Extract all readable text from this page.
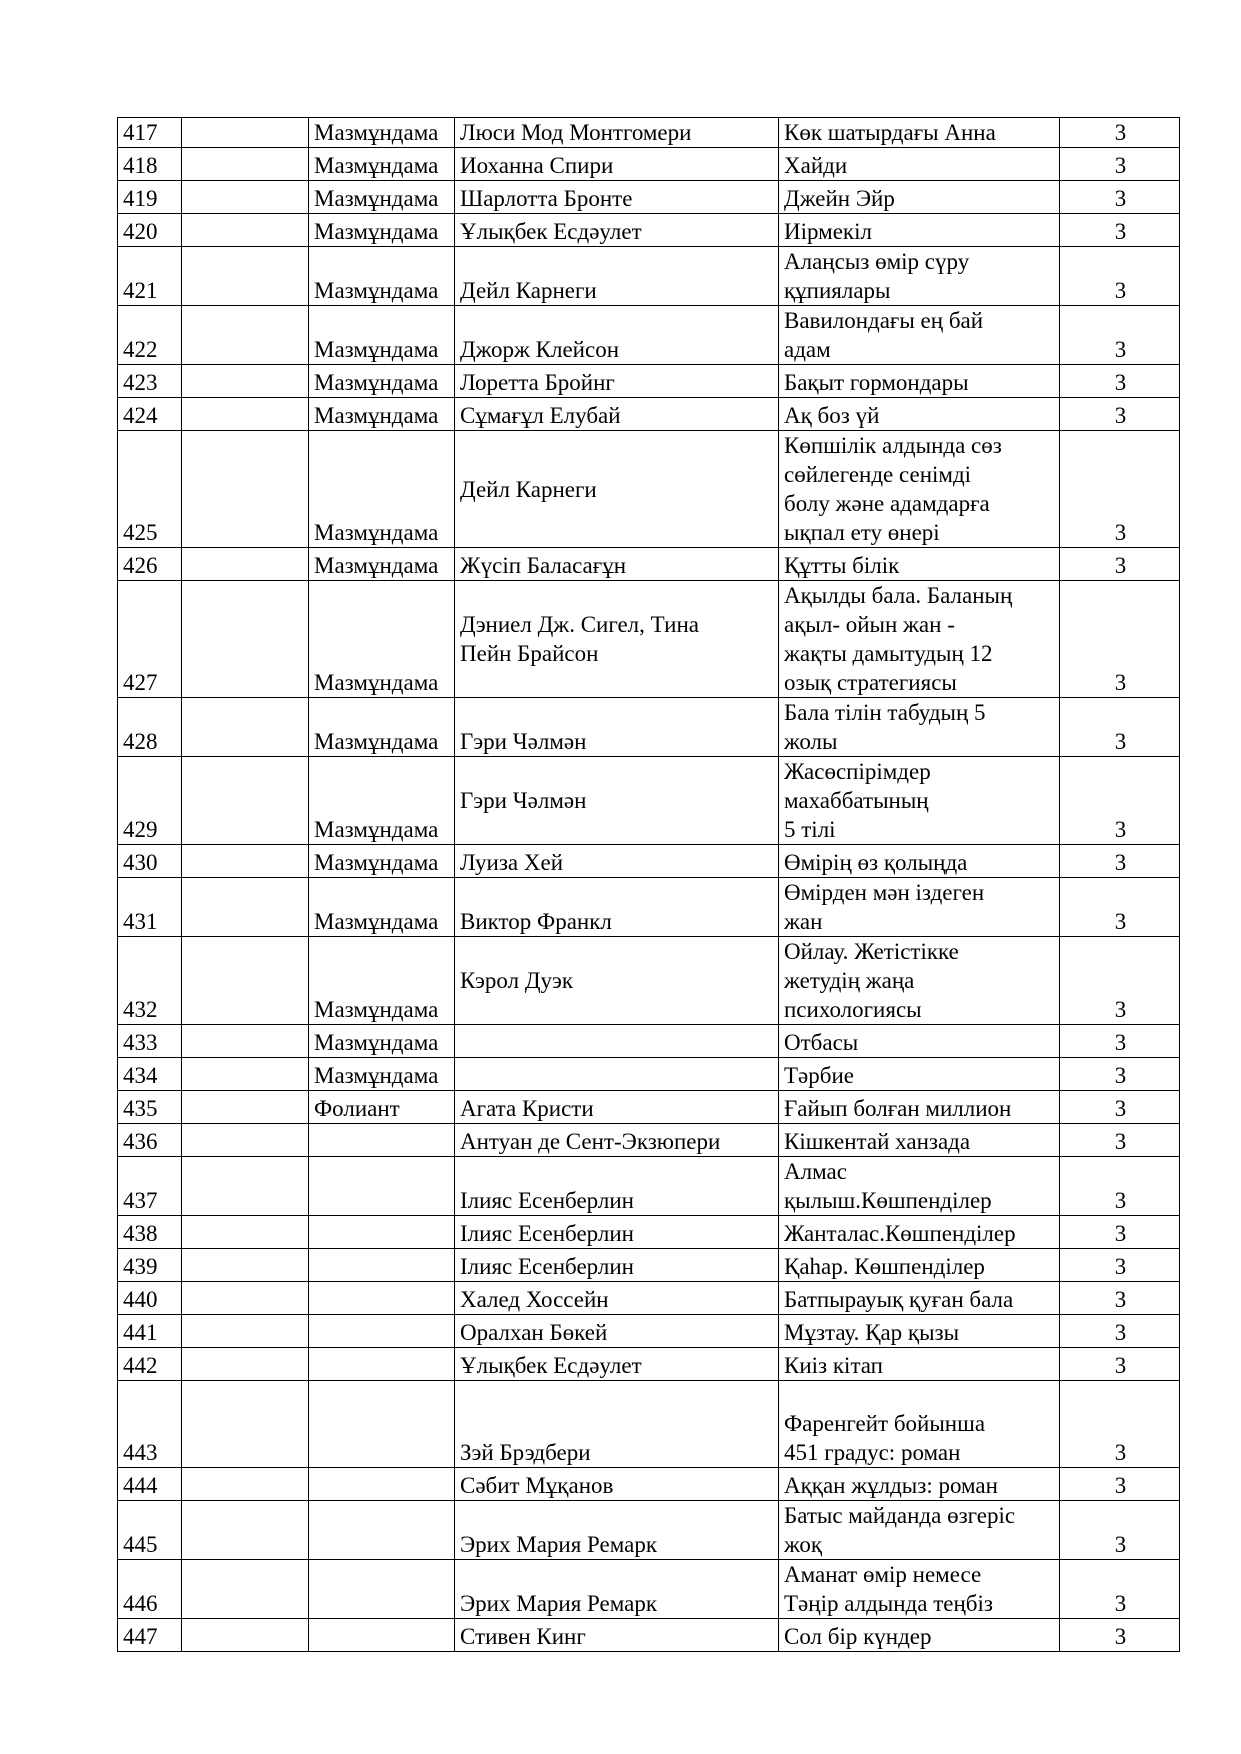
417		Мазмұндама	Люси Мод Монтгомери	Көк шатырдағы Анна	3

418		Мазмұндама	Иоханна Спири	Хайди	3

419		Мазмұндама	Шарлотта Бронте	Джейн Эйр	3

420		Мазмұндама	Ұлықбек Есдәулет	Иірмекіл	3

421		Мазмұндама	Дейл Карнеги	Алаңсыз өмір сүру
құпиялары	3

422		Мазмұндама	Джорж Клейсон	Вавилондағы ең бай
адам	3

423		Мазмұндама	Лоретта Бройнг	Бақыт гормондары	3

424		Мазмұндама	Сұмағұл Елубай	Ақ боз үй	3

425		Мазмұндама	Дейл Карнеги	Көпшілік алдында сөз
сөйлегенде сенімді
болу және адамдарға
ықпал ету өнері	3

426		Мазмұндама	Жүсіп Баласағұн	Құтты білік	3

427		Мазмұндама	Дэниел Дж. Сигел, Тина
Пейн Брайсон	Ақылды бала. Баланың
ақыл- ойын жан -
жақты дамытудың 12
озық стратегиясы	3

428		Мазмұндама	Гэри Чәлмән	Бала тілін табудың 5
жолы	3

429		Мазмұндама	Гэри Чәлмән	Жасөспірімдер
махаббатының
5 тілі	3

430		Мазмұндама	Луиза Хей	Өмірің өз қолыңда	3

431		Мазмұндама	Виктор Франкл	Өмірден мән іздеген
жан	3

432		Мазмұндама	Кэрол Дуэк	Ойлау. Жетістікке
жетудің жаңа
психологиясы	3

433		Мазмұндама		Отбасы	3

434		Мазмұндама		Тәрбие	3

435		Фолиант	Агата Кристи	Ғайып болған миллион	3

436			Антуан де Сент-Экзюпери	Кішкентай ханзада	3

437			Ілияс Есенберлин	Алмас
қылыш.Көшпенділер	3

438			Ілияс Есенберлин	Жанталас.Көшпенділер	3

439			Ілияс Есенберлин	Қаһар. Көшпенділер	3

440			Халед Хоссейн	Батпырауық қуған бала	3

441			Оралхан Бөкей	Мұзтау. Қар қызы	3

442			Ұлықбек Есдәулет	Киіз кітап	3

443			Зэй Брэдбери	Фаренгейт бойынша
451 градус: роман	3

444			Сәбит Мұқанов	Аққан жұлдыз: роман	3

445			Эрих Мария Ремарк	Батыс майданда өзгеріс
жоқ	3

446			Эрих Мария Ремарк	Аманат өмір немесе
Тәңір алдында теңбіз	3

447			Стивен Кинг	Сол бір күндер	3
